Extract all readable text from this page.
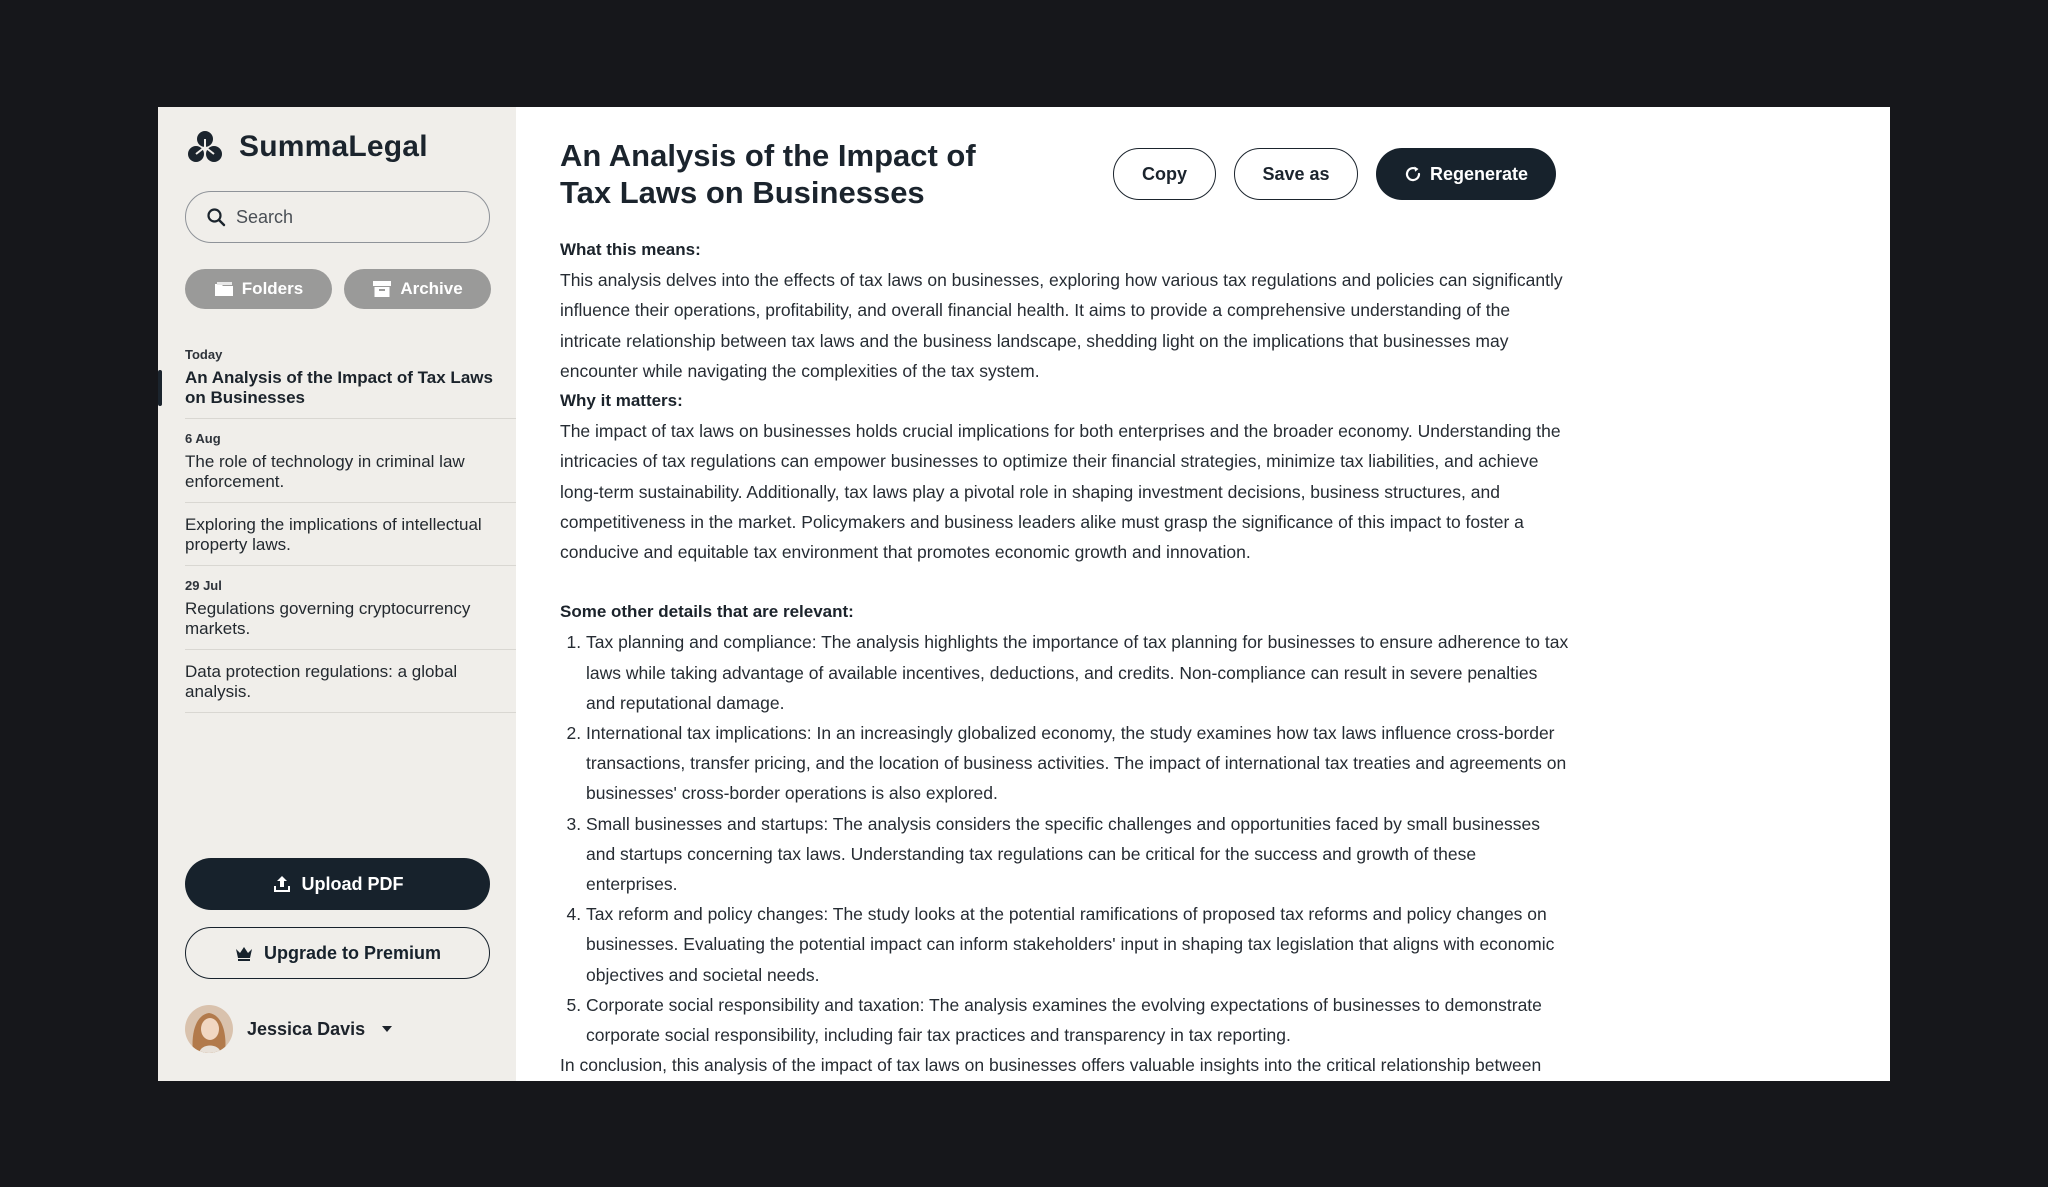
SummaLegal
Search
Folders	Archive
Today
An Analysis of the Impact of Tax Laws on Businesses
6 Aug
The role of technology in criminal law enforcement.
Exploring the implications of intellectual property laws.
29 Jul
Regulations governing cryptocurrency markets.
Data protection regulations: a global analysis.
Upload PDF
Upgrade to Premium
Jessica Davis
An Analysis of the Impact of Tax Laws on Businesses
Copy	Save as	Regenerate
What this means:

This analysis delves into the effects of tax laws on businesses, exploring how various tax regulations and policies can significantly influence their operations, profitability, and overall financial health. It aims to provide a comprehensive understanding of the intricate relationship between tax laws and the business landscape, shedding light on the implications that businesses may encounter while navigating the complexities of the tax system.

Why it matters:

The impact of tax laws on businesses holds crucial implications for both enterprises and the broader economy. Understanding the intricacies of tax regulations can empower businesses to optimize their financial strategies, minimize tax liabilities, and achieve long-term sustainability. Additionally, tax laws play a pivotal role in shaping investment decisions, business structures, and competitiveness in the market. Policymakers and business leaders alike must grasp the significance of this impact to foster a conducive and equitable tax environment that promotes economic growth and innovation.

Some other details that are relevant:
1. Tax planning and compliance: The analysis highlights the importance of tax planning for businesses to ensure adherence to tax laws while taking advantage of available incentives, deductions, and credits. Non-compliance can result in severe penalties and reputational damage.
2. International tax implications: In an increasingly globalized economy, the study examines how tax laws influence cross-border transactions, transfer pricing, and the location of business activities. The impact of international tax treaties and agreements on businesses' cross-border operations is also explored.
3. Small businesses and startups: The analysis considers the specific challenges and opportunities faced by small businesses and startups concerning tax laws. Understanding tax regulations can be critical for the success and growth of these enterprises.
4. Tax reform and policy changes: The study looks at the potential ramifications of proposed tax reforms and policy changes on businesses. Evaluating the potential impact can inform stakeholders' input in shaping tax legislation that aligns with economic objectives and societal needs.
5. Corporate social responsibility and taxation: The analysis examines the evolving expectations of businesses to demonstrate corporate social responsibility, including fair tax practices and transparency in tax reporting.

In conclusion, this analysis of the impact of tax laws on businesses offers valuable insights into the critical relationship between
